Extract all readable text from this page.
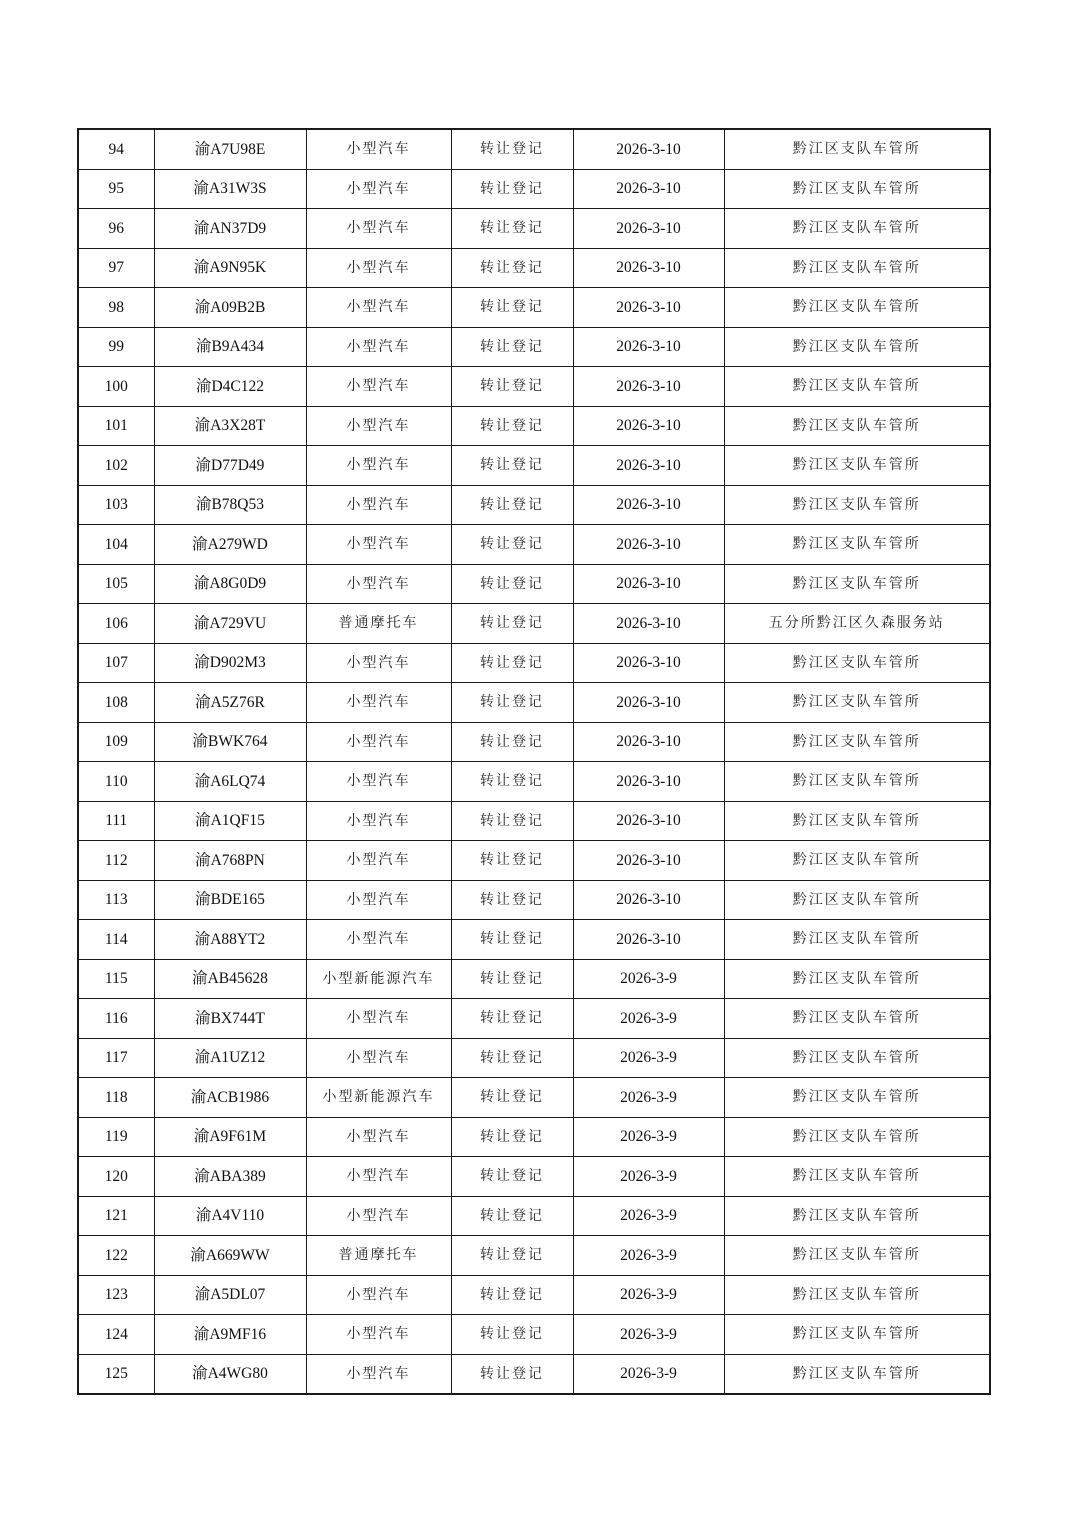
94	渝A7U98E	小型汽车	转让登记	2026-3-10	黔江区支队车管所
95	渝A31W3S	小型汽车	转让登记	2026-3-10	黔江区支队车管所
96	渝AN37D9	小型汽车	转让登记	2026-3-10	黔江区支队车管所
97	渝A9N95K	小型汽车	转让登记	2026-3-10	黔江区支队车管所
98	渝A09B2B	小型汽车	转让登记	2026-3-10	黔江区支队车管所
99	渝B9A434	小型汽车	转让登记	2026-3-10	黔江区支队车管所
100	渝D4C122	小型汽车	转让登记	2026-3-10	黔江区支队车管所
101	渝A3X28T	小型汽车	转让登记	2026-3-10	黔江区支队车管所
102	渝D77D49	小型汽车	转让登记	2026-3-10	黔江区支队车管所
103	渝B78Q53	小型汽车	转让登记	2026-3-10	黔江区支队车管所
104	渝A279WD	小型汽车	转让登记	2026-3-10	黔江区支队车管所
105	渝A8G0D9	小型汽车	转让登记	2026-3-10	黔江区支队车管所
106	渝A729VU	普通摩托车	转让登记	2026-3-10	五分所黔江区久森服务站
107	渝D902M3	小型汽车	转让登记	2026-3-10	黔江区支队车管所
108	渝A5Z76R	小型汽车	转让登记	2026-3-10	黔江区支队车管所
109	渝BWK764	小型汽车	转让登记	2026-3-10	黔江区支队车管所
110	渝A6LQ74	小型汽车	转让登记	2026-3-10	黔江区支队车管所
111	渝A1QF15	小型汽车	转让登记	2026-3-10	黔江区支队车管所
112	渝A768PN	小型汽车	转让登记	2026-3-10	黔江区支队车管所
113	渝BDE165	小型汽车	转让登记	2026-3-10	黔江区支队车管所
114	渝A88YT2	小型汽车	转让登记	2026-3-10	黔江区支队车管所
115	渝AB45628	小型新能源汽车	转让登记	2026-3-9	黔江区支队车管所
116	渝BX744T	小型汽车	转让登记	2026-3-9	黔江区支队车管所
117	渝A1UZ12	小型汽车	转让登记	2026-3-9	黔江区支队车管所
118	渝ACB1986	小型新能源汽车	转让登记	2026-3-9	黔江区支队车管所
119	渝A9F61M	小型汽车	转让登记	2026-3-9	黔江区支队车管所
120	渝ABA389	小型汽车	转让登记	2026-3-9	黔江区支队车管所
121	渝A4V110	小型汽车	转让登记	2026-3-9	黔江区支队车管所
122	渝A669WW	普通摩托车	转让登记	2026-3-9	黔江区支队车管所
123	渝A5DL07	小型汽车	转让登记	2026-3-9	黔江区支队车管所
124	渝A9MF16	小型汽车	转让登记	2026-3-9	黔江区支队车管所
125	渝A4WG80	小型汽车	转让登记	2026-3-9	黔江区支队车管所
